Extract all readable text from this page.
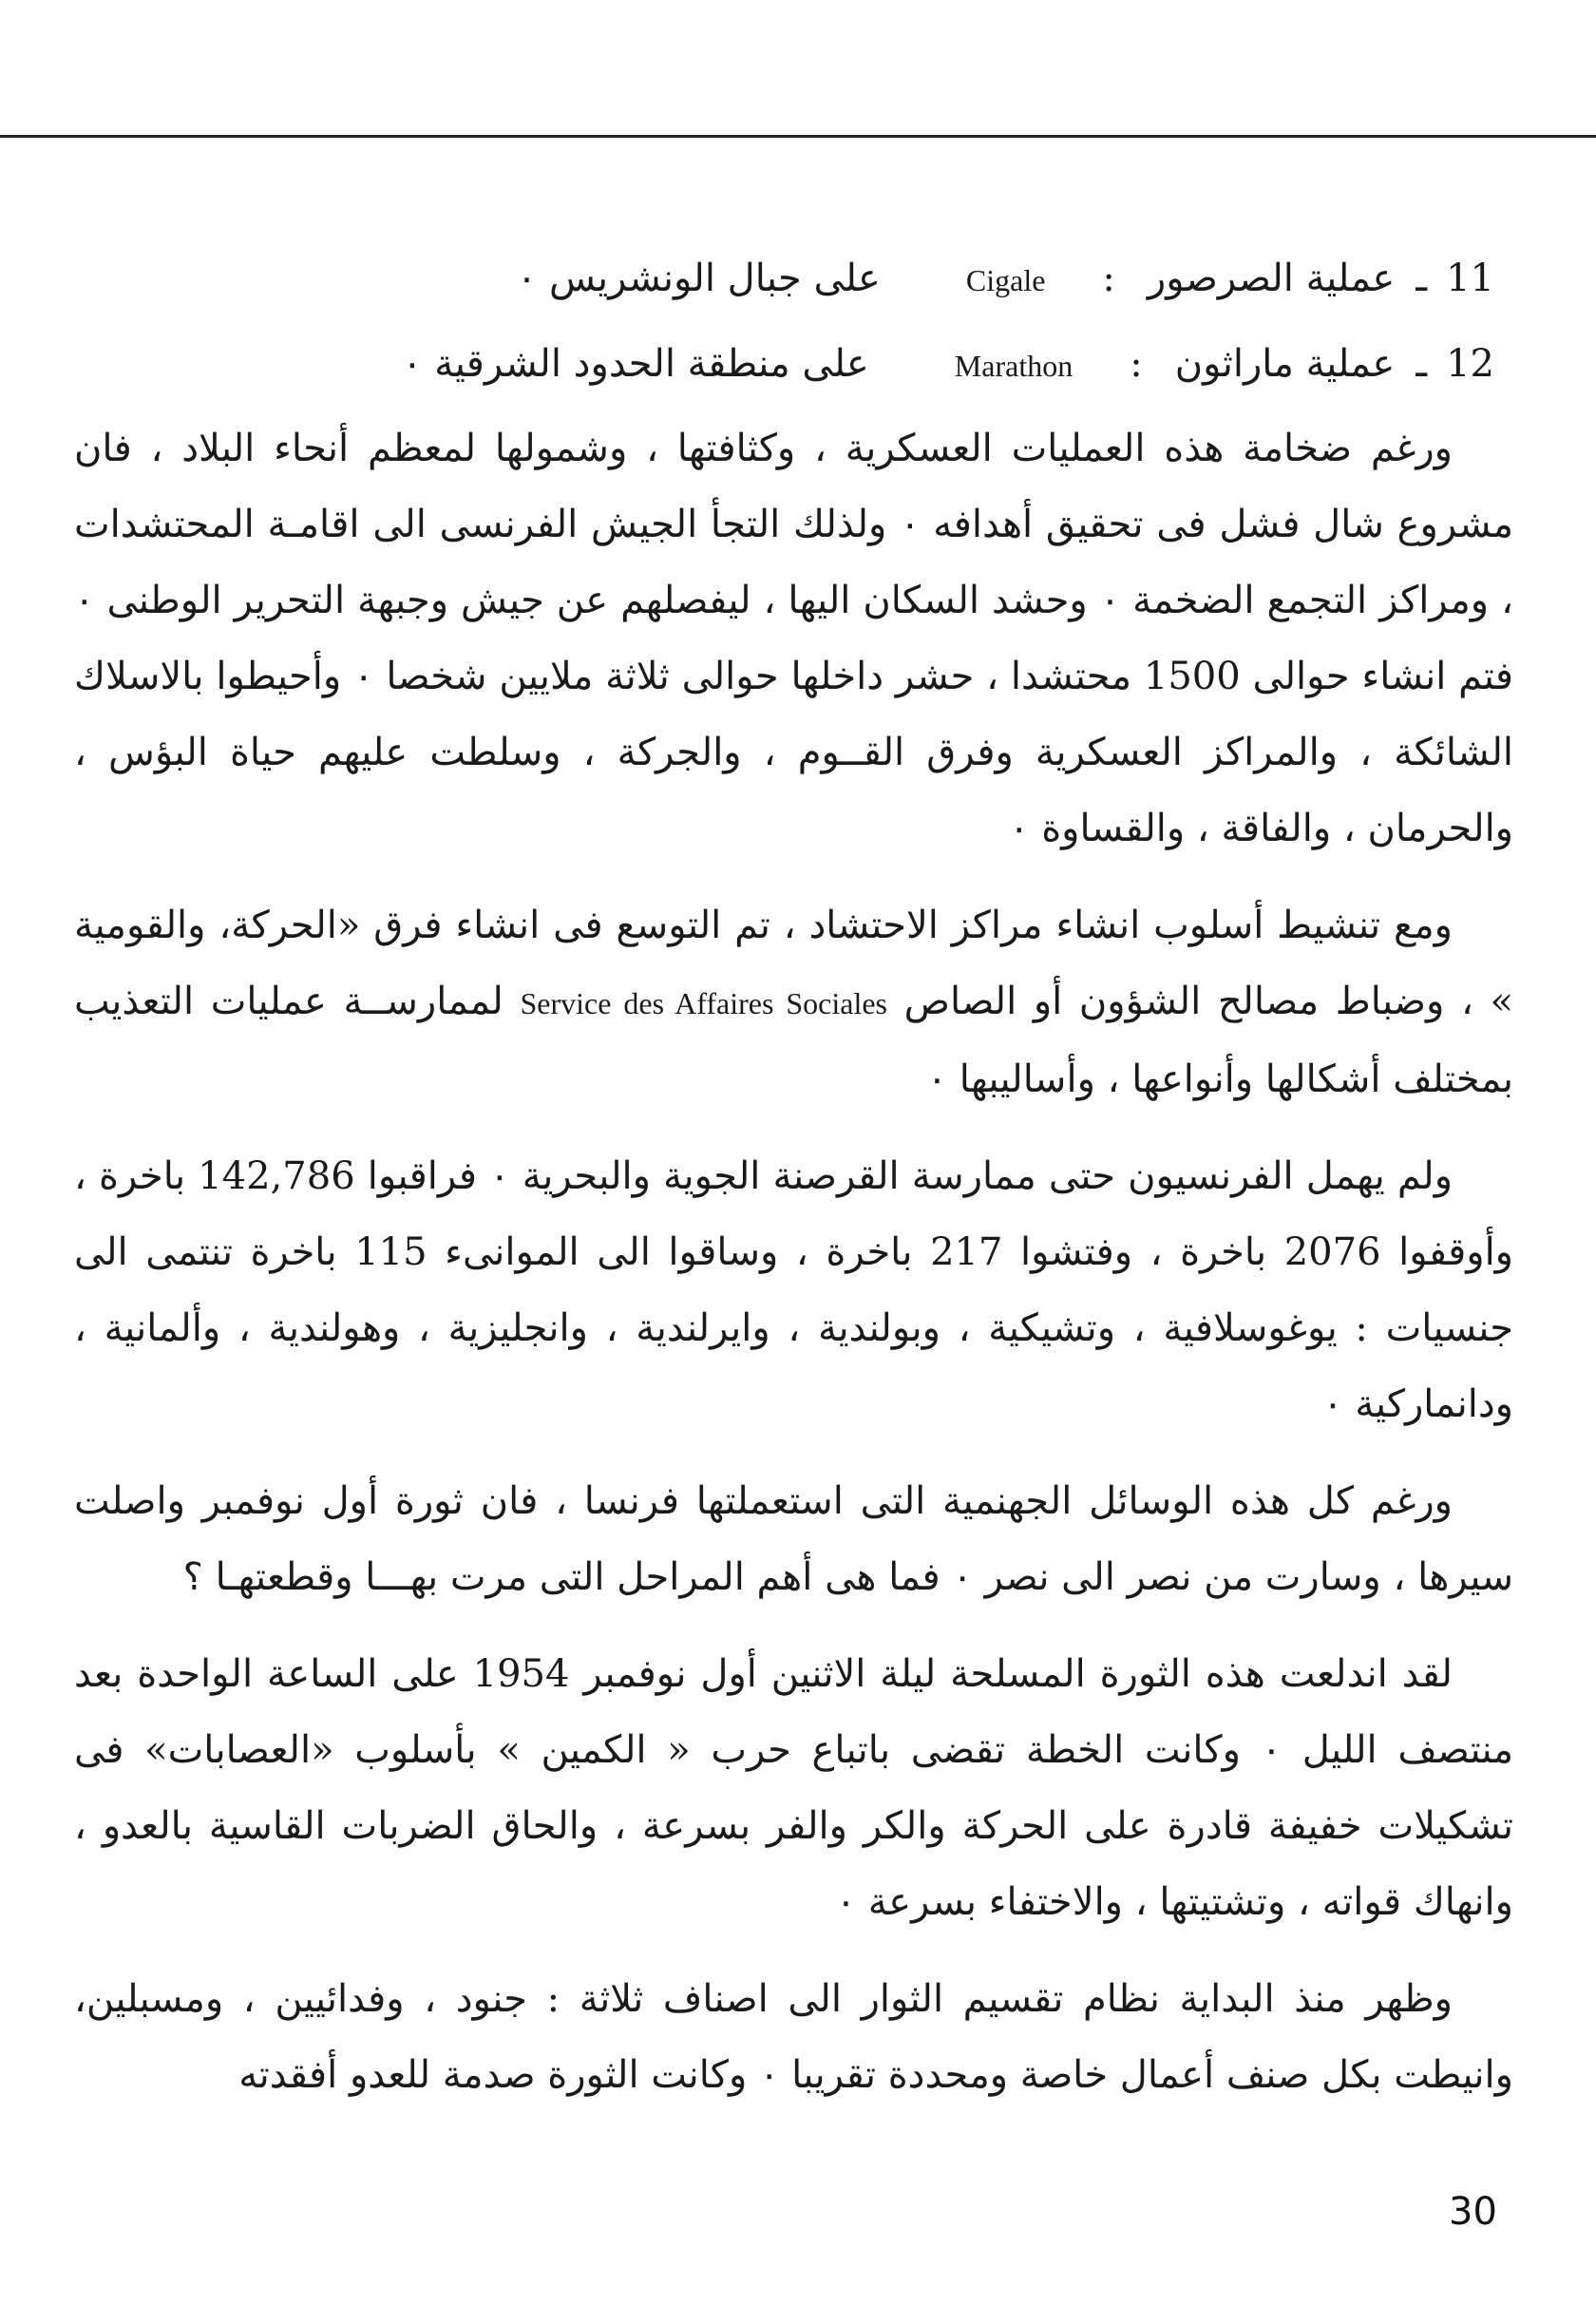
11
ـ
عملية الصرصور
:
Cigale
على جبال الونشريس ٠
12
ـ
عملية ماراثون
:
Marathon
على منطقة الحدود الشرقية ٠

ورغم ضخامة هذه العمليات العسكرية ، وكثافتها ، وشمولها لمعظم أنحاء البلاد ، فان مشروع شال فشل فى تحقيق أهدافه ٠ ولذلك التجأ الجيش الفرنسى الى اقامـة المحتشدات ، ومراكز التجمع الضخمة ٠ وحشد السكان اليها ، ليفصلهم عن جيش وجبهة التحرير الوطنى ٠ فتم انشاء حوالى 1500 محتشدا ، حشر داخلها حوالى ثلاثة ملايين شخصا ٠ وأحيطوا بالاسلاك الشائكة ، والمراكز العسكرية وفرق القــوم ، والجركة ، وسلطت عليهم حياة البؤس ، والحرمان ، والفاقة ، والقساوة ٠

ومع تنشيط أسلوب انشاء مراكز الاحتشاد ، تم التوسع فى انشاء فرق «الحركة، والقومية » ، وضباط مصالح الشؤون أو الصاص Service des Affaires Sociales لممارســة عمليات التعذيب بمختلف أشكالها وأنواعها ، وأساليبها ٠

ولم يهمل الفرنسيون حتى ممارسة القرصنة الجوية والبحرية ٠ فراقبوا 142,786 باخرة ، وأوقفوا 2076 باخرة ، وفتشوا 217 باخرة ، وساقوا الى الموانىء 115 باخرة تنتمى الى جنسيات : يوغوسلافية ، وتشيكية ، وبولندية ، وايرلندية ، وانجليزية ، وهولندية ، وألمانية ، ودانماركية ٠

ورغم كل هذه الوسائل الجهنمية التى استعملتها فرنسا ، فان ثورة أول نوفمبر واصلت سيرها ، وسارت من نصر الى نصر ٠ فما هى أهم المراحل التى مرت بهـــا وقطعتهـا ؟

لقد اندلعت هذه الثورة المسلحة ليلة الاثنين أول نوفمبر 1954 على الساعة الواحدة بعد منتصف الليل ٠ وكانت الخطة تقضى باتباع حرب « الكمين » بأسلوب «العصابات» فى تشكيلات خفيفة قادرة على الحركة والكر والفر بسرعة ، والحاق الضربات القاسية بالعدو ، وانهاك قواته ، وتشتيتها ، والاختفاء بسرعة ٠

وظهر منذ البداية نظام تقسيم الثوار الى اصناف ثلاثة : جنود ، وفدائيين ، ومسبلين، وانيطت بكل صنف أعمال خاصة ومحددة تقريبا ٠ وكانت الثورة صدمة للعدو أفقدته

30
